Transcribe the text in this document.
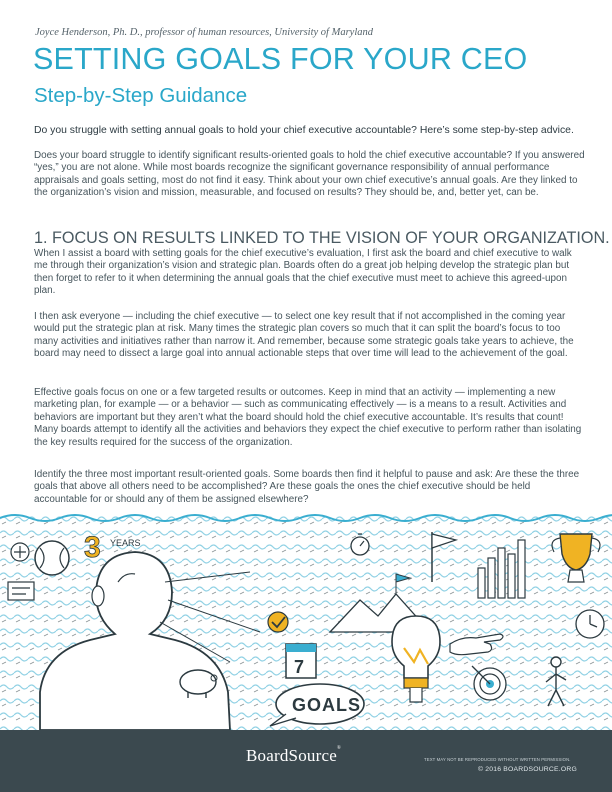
Joyce Henderson, Ph. D., professor of human resources, University of Maryland
SETTING GOALS FOR YOUR CEO
Step-by-Step Guidance
Do you struggle with setting annual goals to hold your chief executive accountable? Here’s some step-by-step advice.

Does your board struggle to identify significant results-oriented goals to hold the chief executive accountable? If you answered “yes,” you are not alone. While most boards recognize the significant governance responsibility of annual performance appraisals and goals setting, most do not find it easy. Think about your own chief executive’s annual goals. Are they linked to the organization’s vision and mission, measurable, and focused on results? They should be, and, better yet, can be.

1. FOCUS ON RESULTS LINKED TO THE VISION OF YOUR ORGANIZATION.

When I assist a board with setting goals for the chief executive’s evaluation, I first ask the board and chief executive to walk me through their organization’s vision and strategic plan. Boards often do a great job helping develop the strategic plan but then forget to refer to it when determining the annual goals that the chief executive must meet to achieve this agreed-upon plan.

I then ask everyone — including the chief executive — to select one key result that if not accomplished in the coming year would put the strategic plan at risk. Many times the strategic plan covers so much that it can split the board’s focus to too many activities and initiatives rather than narrow it. And remember, because some strategic goals take years to achieve, the board may need to dissect a large goal into annual actionable steps that over time will lead to the achievement of the goal.

Effective goals focus on one or a few targeted results or outcomes. Keep in mind that an activity — implementing a new marketing plan, for example — or a behavior — such as communicating effectively — is a means to a result. Activities and behaviors are important but they aren’t what the board should hold the chief executive accountable. It’s results that count! Many boards attempt to identify all the activities and behaviors they expect the chief executive to perform rather than isolating the key results required for the success of the organization.

Identify the three most important result-oriented goals. Some boards then find it helpful to pause and ask: Are these the three goals that above all others need to be accomplished? Are these goals the ones the chief executive should be held accountable for or should any of them be assigned elsewhere?

3 YEARS
7
GOALS
BoardSource®
TEXT MAY NOT BE REPRODUCED WITHOUT WRITTEN PERMISSION.
© 2016 BOARDSOURCE.ORG
